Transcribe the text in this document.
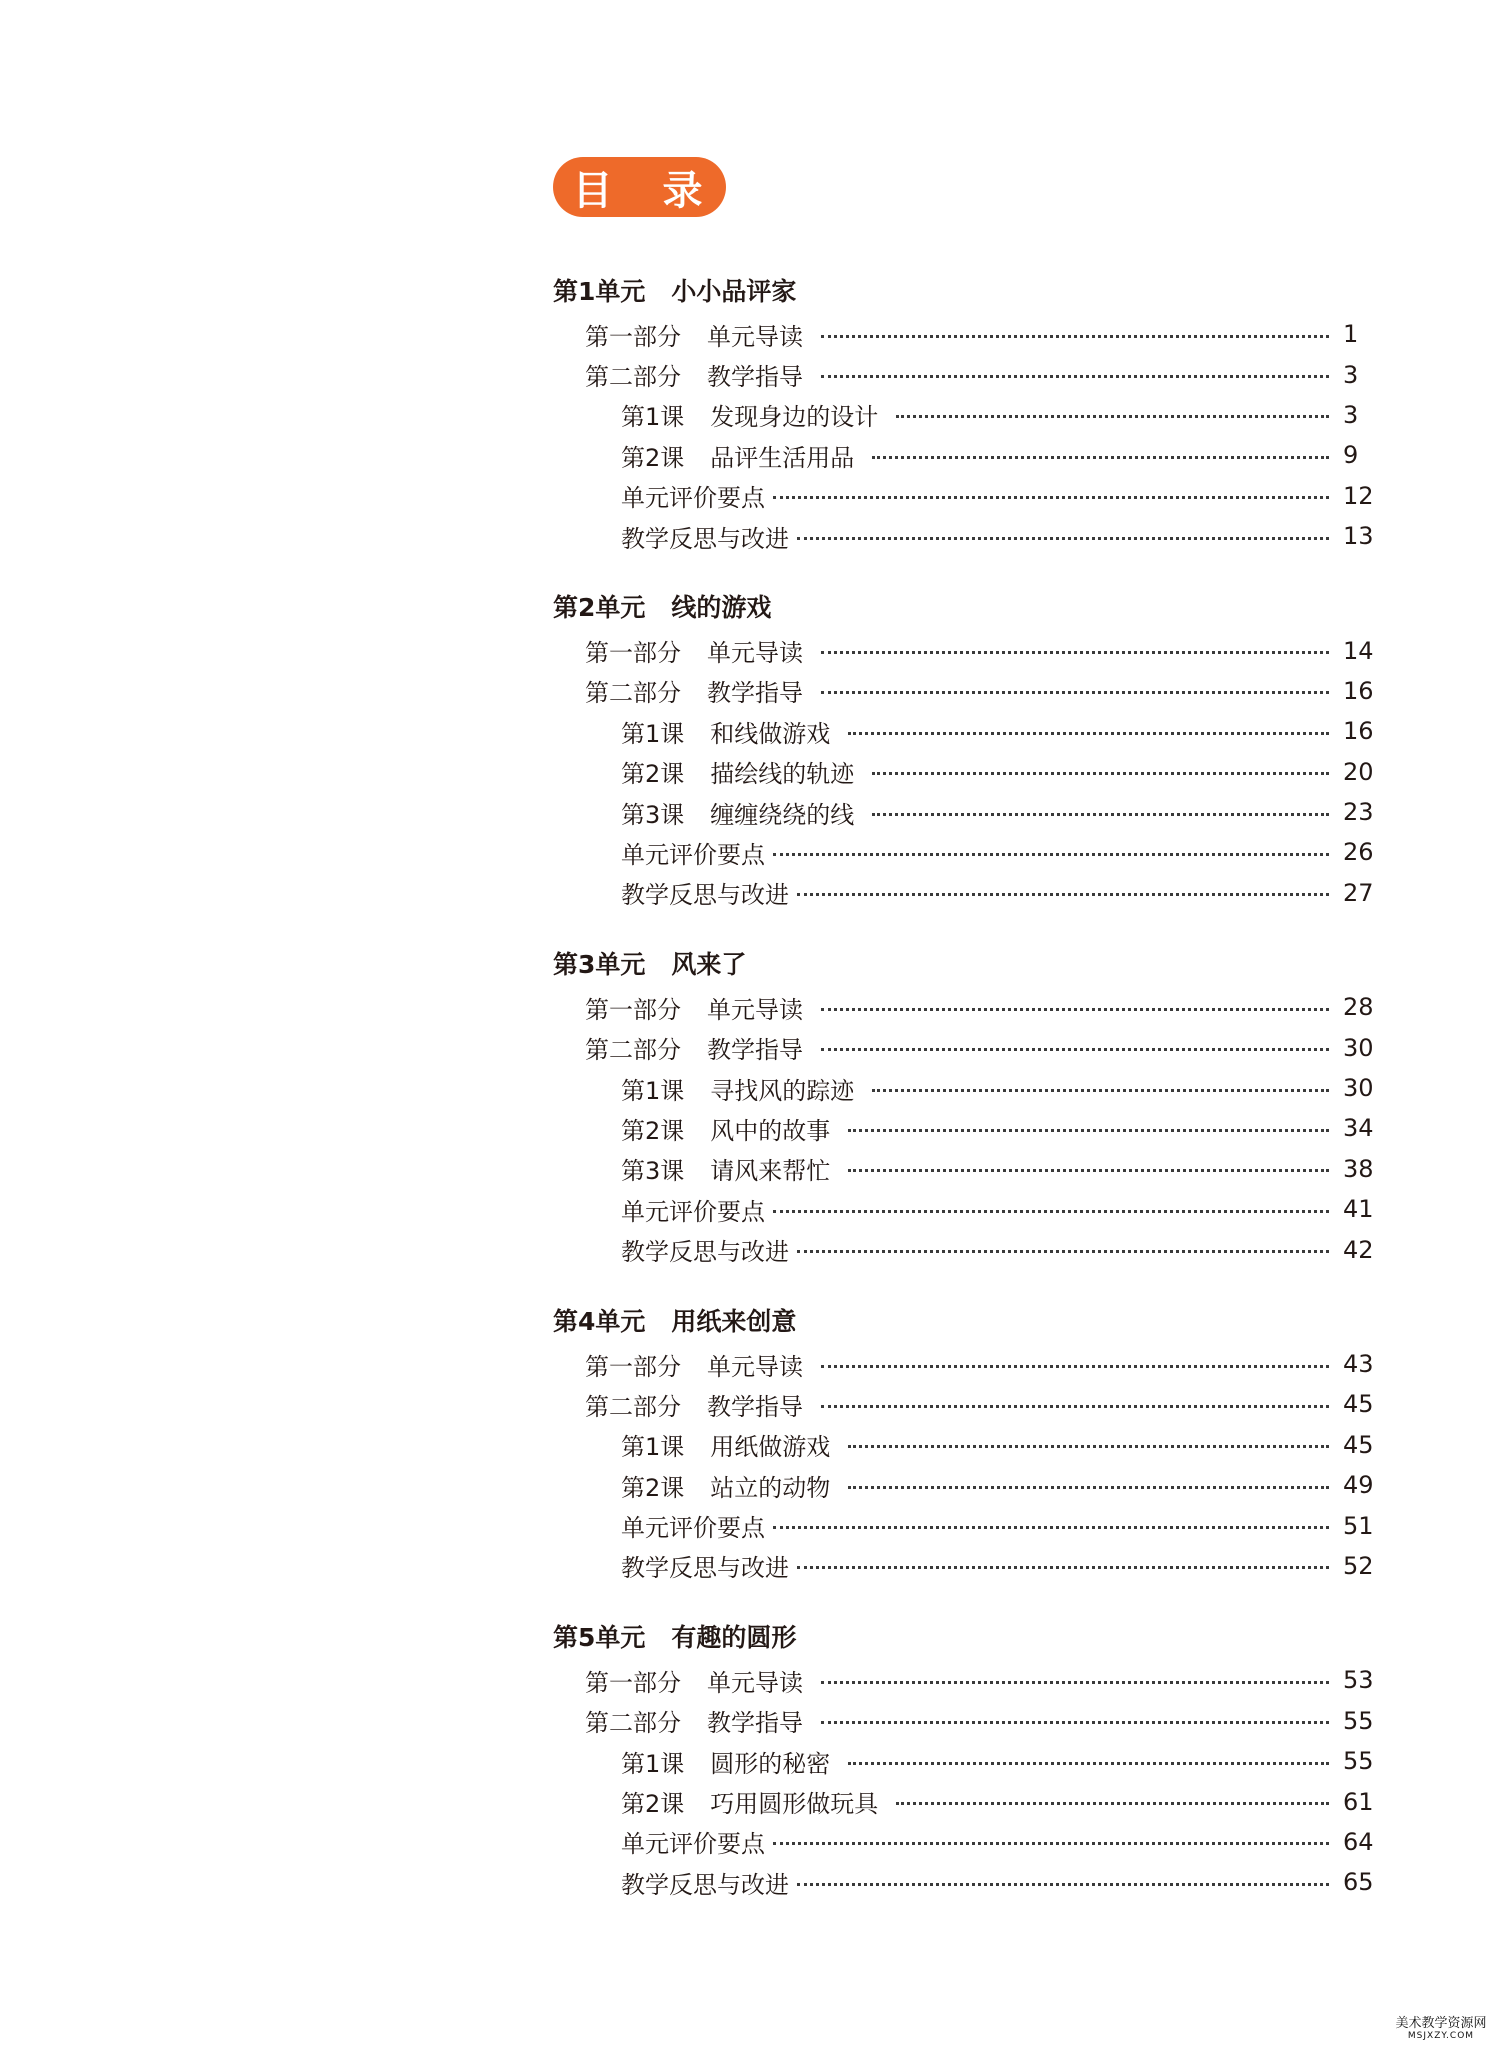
目 录
第1单元 小小品评家
第一部分 单元导读	1
第二部分 教学指导	3
第1课 发现身边的设计	3
第2课 品评生活用品	9
单元评价要点	12
教学反思与改进	13
第2单元 线的游戏
第一部分 单元导读	14
第二部分 教学指导	16
第1课 和线做游戏	16
第2课 描绘线的轨迹	20
第3课 缠缠绕绕的线	23
单元评价要点	26
教学反思与改进	27
第3单元 风来了
第一部分 单元导读	28
第二部分 教学指导	30
第1课 寻找风的踪迹	30
第2课 风中的故事	34
第3课 请风来帮忙	38
单元评价要点	41
教学反思与改进	42
第4单元 用纸来创意
第一部分 单元导读	43
第二部分 教学指导	45
第1课 用纸做游戏	45
第2课 站立的动物	49
单元评价要点	51
教学反思与改进	52
第5单元 有趣的圆形
第一部分 单元导读	53
第二部分 教学指导	55
第1课 圆形的秘密	55
第2课 巧用圆形做玩具	61
单元评价要点	64
教学反思与改进	65
美术教学资源网
MSJXZY.COM
